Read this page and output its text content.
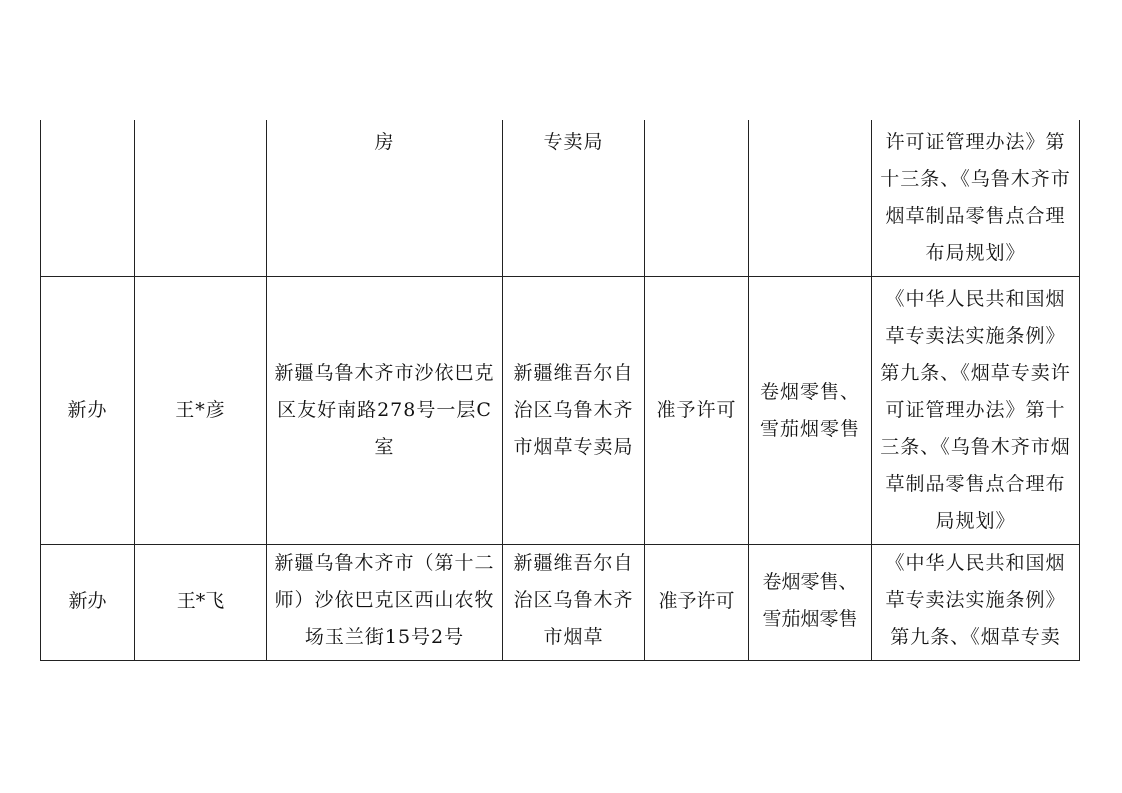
		房	专卖局			许可证管理办法》第十三条、《乌鲁木齐市烟草制品零售点合理布局规划》

新办	王*彦	新疆乌鲁木齐市沙依巴克区友好南路278号一层C室	新疆维吾尔自治区乌鲁木齐市烟草专卖局	准予许可	卷烟零售、雪茄烟零售	《中华人民共和国烟草专卖法实施条例》第九条、《烟草专卖许可证管理办法》第十三条、《乌鲁木齐市烟草制品零售点合理布局规划》

新办	王*飞	新疆乌鲁木齐市（第十二师）沙依巴克区西山农牧场玉兰街15号2号	新疆维吾尔自治区乌鲁木齐市烟草	准予许可	卷烟零售、雪茄烟零售	《中华人民共和国烟草专卖法实施条例》第九条、《烟草专卖
